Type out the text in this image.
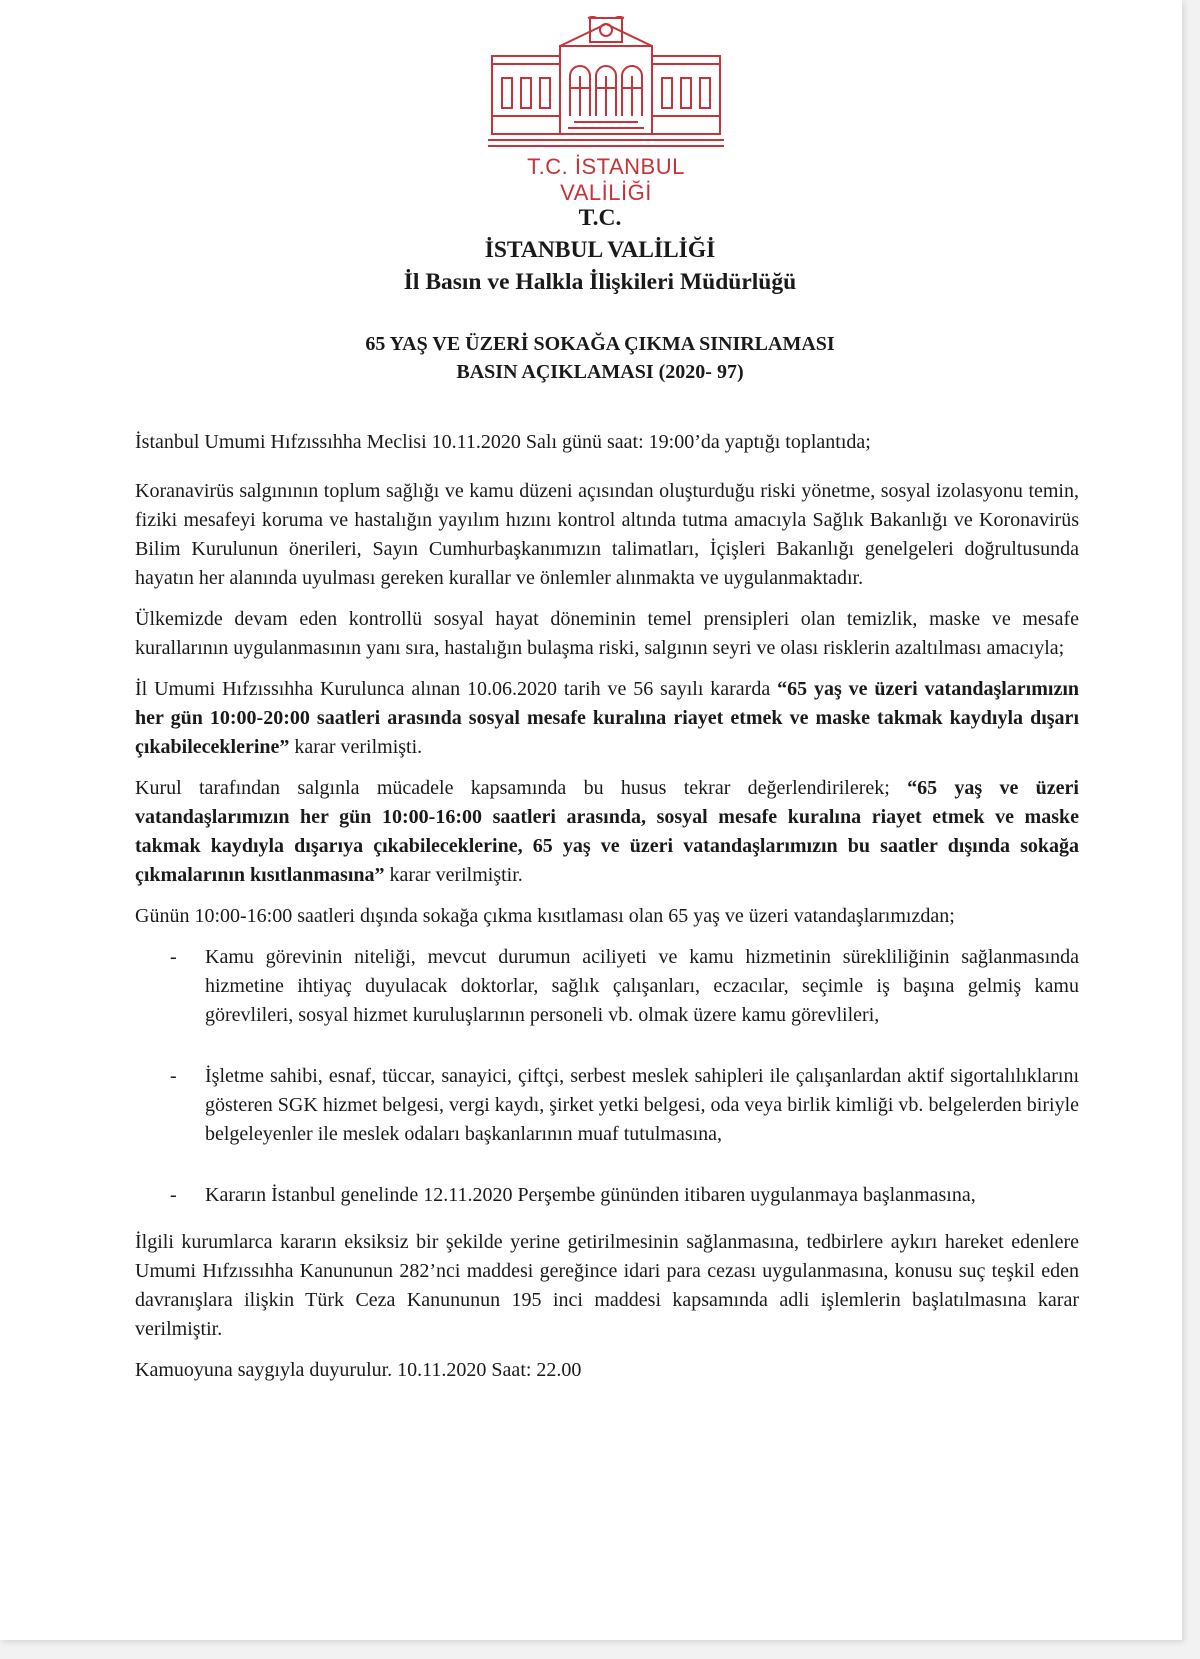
T.C. İSTANBUL VALİLİĞİ
T.C.
İSTANBUL VALİLİĞİ
İl Basın ve Halkla İlişkileri Müdürlüğü
65 YAŞ VE ÜZERİ SOKAĞA ÇIKMA SINIRLAMASI
BASIN AÇIKLAMASI (2020- 97)

İstanbul Umumi Hıfzıssıhha Meclisi 10.11.2020 Salı günü saat: 19:00’da yaptığı toplantıda;

Koranavirüs salgınının toplum sağlığı ve kamu düzeni açısından oluşturduğu riski yönetme, sosyal izolasyonu temin, fiziki mesafeyi koruma ve hastalığın yayılım hızını kontrol altında tutma amacıyla Sağlık Bakanlığı ve Koronavirüs Bilim Kurulunun önerileri, Sayın Cumhurbaşkanımızın talimatları, İçişleri Bakanlığı genelgeleri doğrultusunda hayatın her alanında uyulması gereken kurallar ve önlemler alınmakta ve uygulanmaktadır.

Ülkemizde devam eden kontrollü sosyal hayat döneminin temel prensipleri olan temizlik, maske ve mesafe kurallarının uygulanmasının yanı sıra, hastalığın bulaşma riski, salgının seyri ve olası risklerin azaltılması amacıyla;

İl Umumi Hıfzıssıhha Kurulunca alınan 10.06.2020 tarih ve 56 sayılı kararda “65 yaş ve üzeri vatandaşlarımızın her gün 10:00-20:00 saatleri arasında sosyal mesafe kuralına riayet etmek ve maske takmak kaydıyla dışarı çıkabileceklerine” karar verilmişti.

Kurul tarafından salgınla mücadele kapsamında bu husus tekrar değerlendirilerek; “65 yaş ve üzeri vatandaşlarımızın her gün 10:00-16:00 saatleri arasında, sosyal mesafe kuralına riayet etmek ve maske takmak kaydıyla dışarıya çıkabileceklerine, 65 yaş ve üzeri vatandaşlarımızın bu saatler dışında sokağa çıkmalarının kısıtlanmasına” karar verilmiştir.

Günün 10:00-16:00 saatleri dışında sokağa çıkma kısıtlaması olan 65 yaş ve üzeri vatandaşlarımızdan;

- Kamu görevinin niteliği, mevcut durumun aciliyeti ve kamu hizmetinin sürekliliğinin sağlanmasında hizmetine ihtiyaç duyulacak doktorlar, sağlık çalışanları, eczacılar, seçimle iş başına gelmiş kamu görevlileri, sosyal hizmet kuruluşlarının personeli vb. olmak üzere kamu görevlileri,
- İşletme sahibi, esnaf, tüccar, sanayici, çiftçi, serbest meslek sahipleri ile çalışanlardan aktif sigortalılıklarını gösteren SGK hizmet belgesi, vergi kaydı, şirket yetki belgesi, oda veya birlik kimliği vb. belgelerden biriyle belgeleyenler ile meslek odaları başkanlarının muaf tutulmasına,
- Kararın İstanbul genelinde 12.11.2020 Perşembe gününden itibaren uygulanmaya başlanmasına,

İlgili kurumlarca kararın eksiksiz bir şekilde yerine getirilmesinin sağlanmasına, tedbirlere aykırı hareket edenlere Umumi Hıfzıssıhha Kanununun 282’nci maddesi gereğince idari para cezası uygulanmasına, konusu suç teşkil eden davranışlara ilişkin Türk Ceza Kanununun 195 inci maddesi kapsamında adli işlemlerin başlatılmasına karar verilmiştir.

Kamuoyuna saygıyla duyurulur. 10.11.2020 Saat: 22.00
